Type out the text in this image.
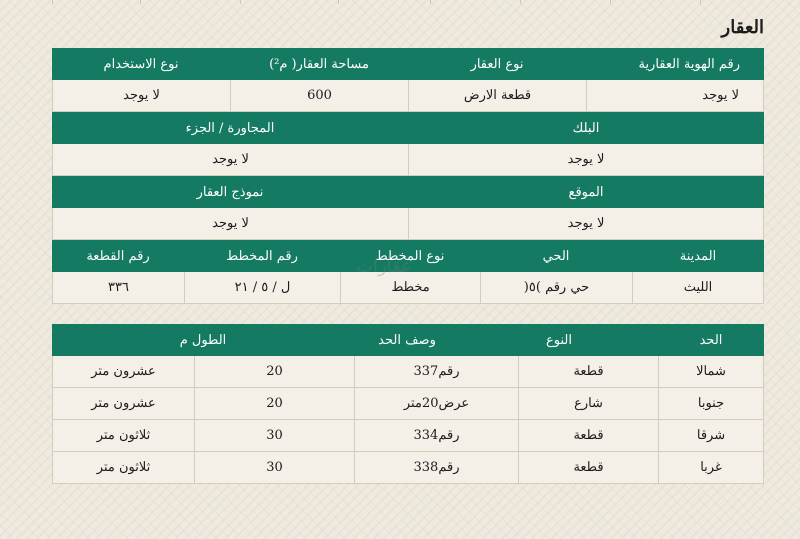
العقار
رقم الهوية العقارية
نوع العقار
مساحة العقار( م²)
نوع الاستخدام
لا يوجد
قطعة الارض
600
لا يوجد
البلك
المجاورة / الجزء
لا يوجد
لا يوجد
الموقع
نموذج العقار
لا يوجد
لا يوجد
المدينة
الحي
نوع المخطط
رقم المخطط
رقم القطعة
الليث
حي رقم )٥(
مخطط
ل / ٥ / ٢١
٣٣٦
عقارات
الحد
النوع
وصف الحد
الطول م
شمالا
قطعة
رقم337
20
عشرون متر
جنوبا
شارع
عرض20متر
20
عشرون متر
شرقا
قطعة
رقم334
30
ثلاثون متر
غربا
قطعة
رقم338
30
ثلاثون متر
